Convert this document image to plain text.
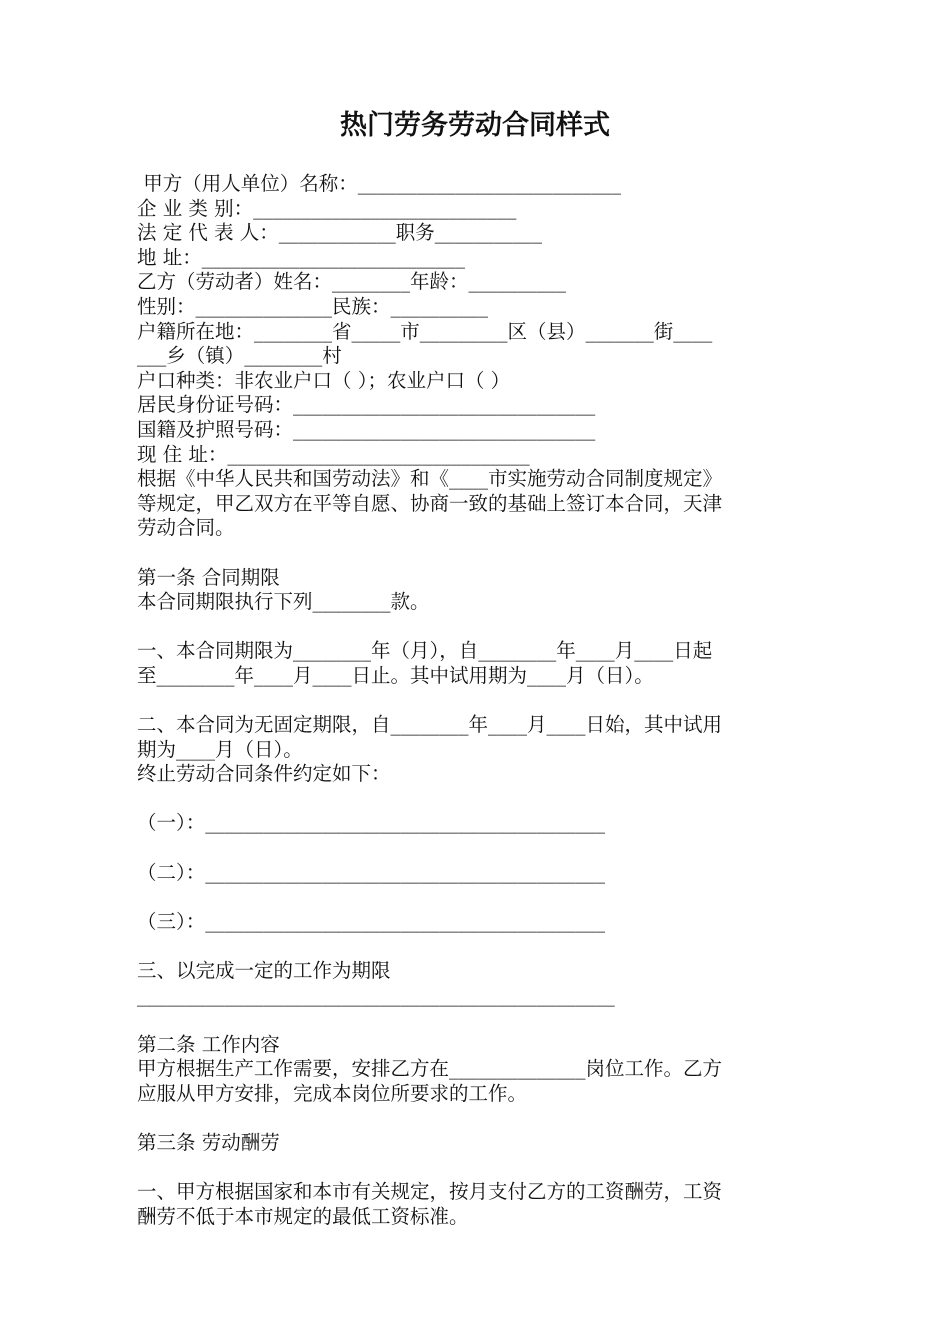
热门劳务劳动合同样式
甲方（用人单位）名称：___________________________
企 业 类 别：___________________________
法 定 代 表 人：____________职务___________
地 址：___________________________
乙方（劳动者）姓名：________年龄：__________
性别：______________民族：__________
户籍所在地：________省_____市_________区（县）_______街____
___乡（镇）________村
户口种类：非农业户口（ ）；农业户口（ ）
居民身份证号码：_______________________________
国籍及护照号码：_______________________________
现 住 址：_______________________________
根据《中华人民共和国劳动法》和《____市实施劳动合同制度规定》
等规定，甲乙双方在平等自愿、协商一致的基础上签订本合同，天津
劳动合同。
第一条 合同期限
本合同期限执行下列________款。
一、本合同期限为________年（月），自________年____月____日起
至________年____月____日止。其中试用期为____月（日）。
二、本合同为无固定期限，自________年____月____日始，其中试用
期为____月（日）。
终止劳动合同条件约定如下：
（一）：_________________________________________
（二）：_________________________________________
（三）：_________________________________________
三、以完成一定的工作为期限
_________________________________________________
第二条 工作内容
甲方根据生产工作需要，安排乙方在______________岗位工作。乙方
应服从甲方安排，完成本岗位所要求的工作。
第三条 劳动酬劳
一、甲方根据国家和本市有关规定，按月支付乙方的工资酬劳，工资
酬劳不低于本市规定的最低工资标准。
